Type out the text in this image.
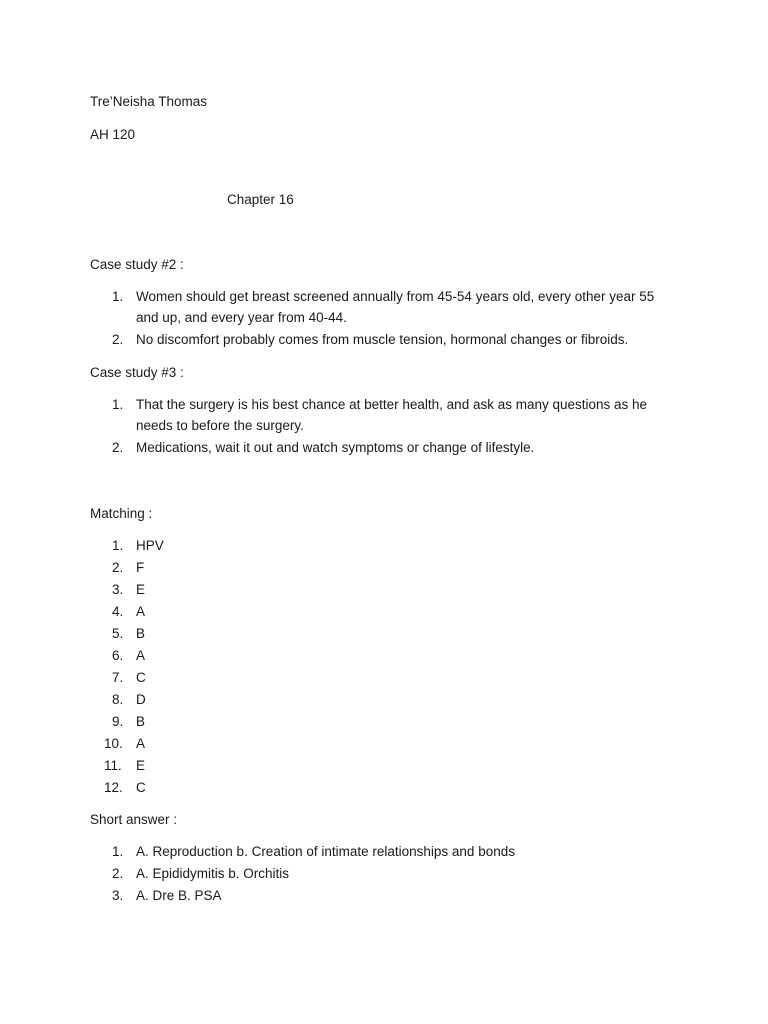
Tre’Neisha Thomas
AH 120
Chapter 16
Case study #2 :
1. Women should get breast screened annually from 45-54 years old, every other year 55
and up, and every year from 40-44.
2. No discomfort probably comes from muscle tension, hormonal changes or fibroids.
Case study #3 :
1. That the surgery is his best chance at better health, and ask as many questions as he
needs to before the surgery.
2. Medications, wait it out and watch symptoms or change of lifestyle.
Matching :
1. HPV
2. F
3. E
4. A
5. B
6. A
7. C
8. D
9. B
10. A
11. E
12. C
Short answer :
1. A. Reproduction b. Creation of intimate relationships and bonds
2. A. Epididymitis b. Orchitis
3. A. Dre B. PSA
